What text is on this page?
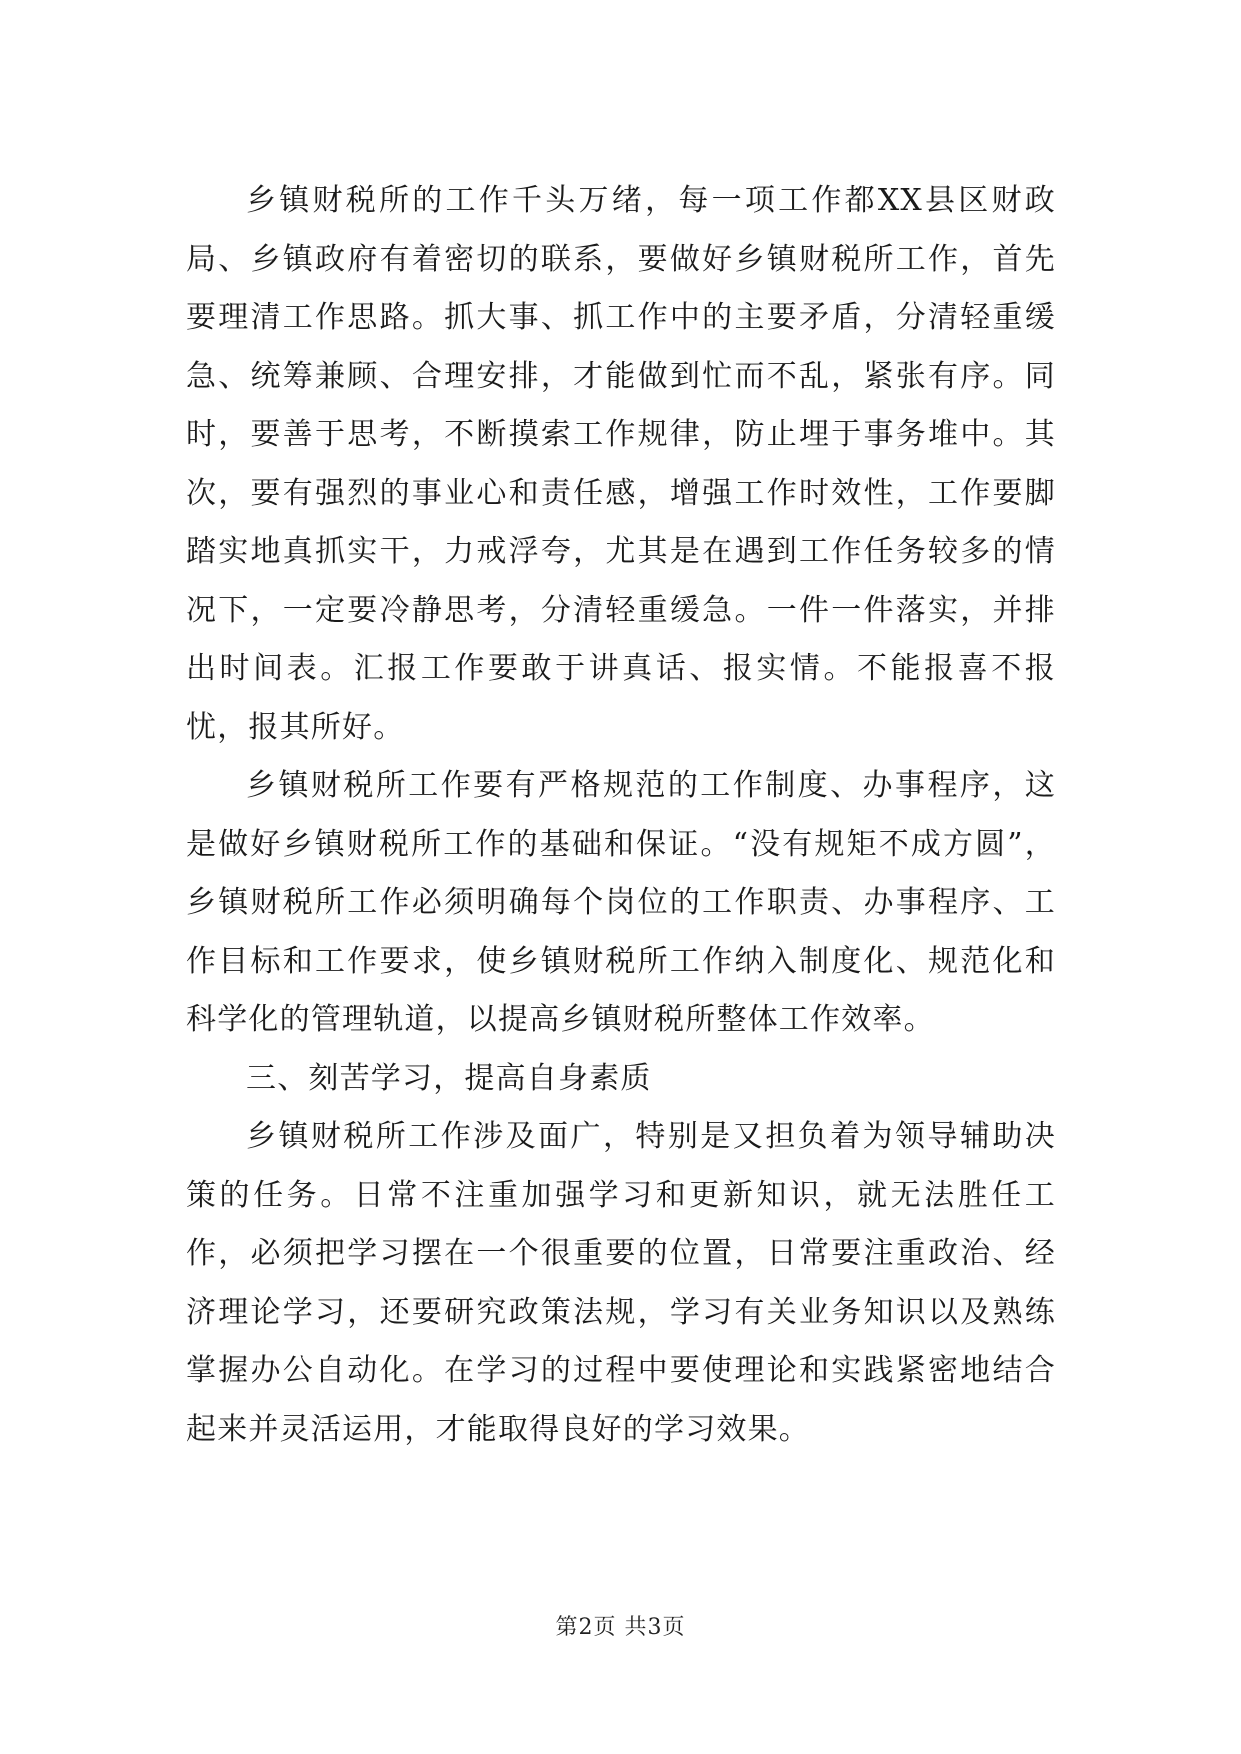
乡镇财税所的工作千头万绪，每一项工作都XX县区财政局、乡镇政府有着密切的联系，要做好乡镇财税所工作，首先要理清工作思路。抓大事、抓工作中的主要矛盾，分清轻重缓急、统筹兼顾、合理安排，才能做到忙而不乱，紧张有序。同时，要善于思考，不断摸索工作规律，防止埋于事务堆中。其次，要有强烈的事业心和责任感，增强工作时效性，工作要脚踏实地真抓实干，力戒浮夸，尤其是在遇到工作任务较多的情况下，一定要冷静思考，分清轻重缓急。一件一件落实，并排出时间表。汇报工作要敢于讲真话、报实情。不能报喜不报忧，报其所好。

乡镇财税所工作要有严格规范的工作制度、办事程序，这是做好乡镇财税所工作的基础和保证。“没有规矩不成方圆”，乡镇财税所工作必须明确每个岗位的工作职责、办事程序、工作目标和工作要求，使乡镇财税所工作纳入制度化、规范化和科学化的管理轨道，以提高乡镇财税所整体工作效率。

三、刻苦学习，提高自身素质

乡镇财税所工作涉及面广，特别是又担负着为领导辅助决策的任务。日常不注重加强学习和更新知识，就无法胜任工作，必须把学习摆在一个很重要的位置，日常要注重政治、经济理论学习，还要研究政策法规，学习有关业务知识以及熟练掌握办公自动化。在学习的过程中要使理论和实践紧密地结合起来并灵活运用，才能取得良好的学习效果。

第2页 共3页
